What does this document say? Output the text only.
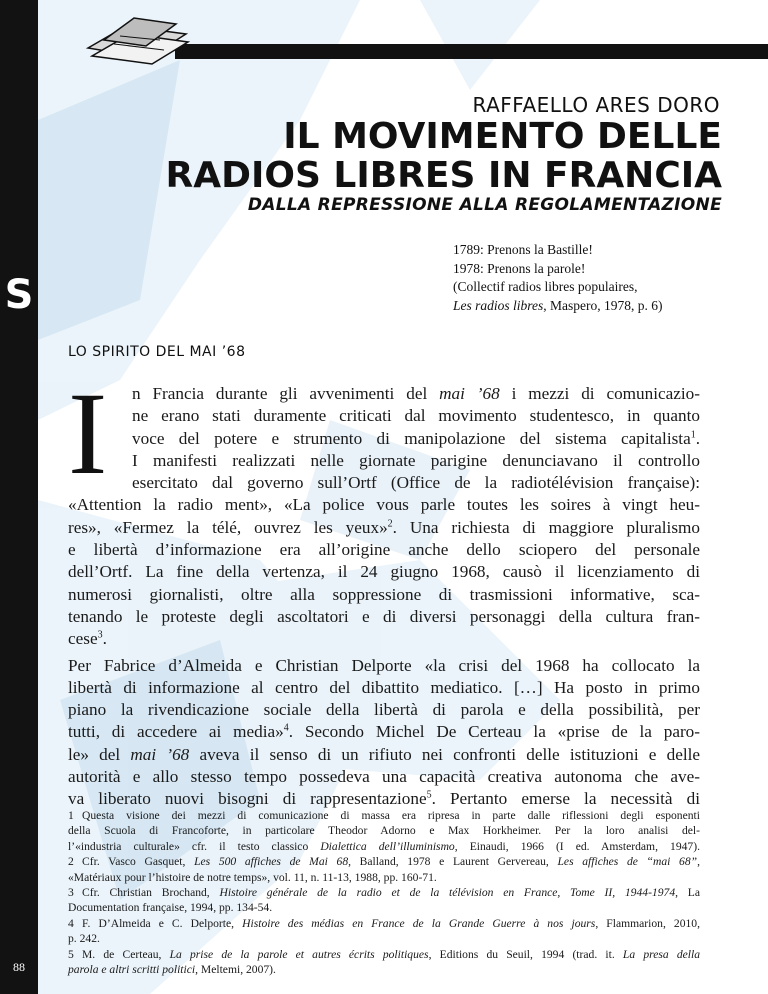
S
88
RAFFAELLO ARES DORO
IL MOVIMENTO DELLE
RADIOS LIBRES IN FRANCIA
DALLA REPRESSIONE ALLA REGOLAMENTAZIONE
1789: Prenons la Bastille!
1978: Prenons la parole!
(Collectif radios libres populaires,
Les radios libres, Maspero, 1978, p. 6)
LO SPIRITO DEL MAI ’68
I	n Francia durante gli avvenimenti del mai ’68 i mezzi di comunicazio-
ne erano stati duramente criticati dal movimento studentesco, in quanto
voce del potere e strumento di manipolazione del sistema capitalista$^1$.
I manifesti realizzati nelle giornate parigine denunciavano il controllo
esercitato dal governo sull’Ortf (Office de la radiotélévision française):
«Attention la radio ment», «La police vous parle toutes les soires à vingt heu-
res», «Fermez la télé, ouvrez les yeux»$^2$. Una richiesta di maggiore pluralismo
e libertà d’informazione era all’origine anche dello sciopero del personale
dell’Ortf. La fine della vertenza, il 24 giugno 1968, causò il licenziamento di
numerosi giornalisti, oltre alla soppressione di trasmissioni informative, sca-
tenando le proteste degli ascoltatori e di diversi personaggi della cultura fran-
cese$^3$.
Per Fabrice d’Almeida e Christian Delporte «la crisi del 1968 ha collocato la
libertà di informazione al centro del dibattito mediatico. […] Ha posto in primo
piano la rivendicazione sociale della libertà di parola e della possibilità, per
tutti, di accedere ai media»$^4$. Secondo Michel De Certeau la «prise de la paro-
le» del mai ’68 aveva il senso di un rifiuto nei confronti delle istituzioni e delle
autorità e allo stesso tempo possedeva una capacità creativa autonoma che ave-
va liberato nuovi bisogni di rappresentazione$^5$. Pertanto emerse la necessità di
1 Questa visione dei mezzi di comunicazione di massa era ripresa in parte dalle riflessioni degli esponenti
della Scuola di Francoforte, in particolare Theodor Adorno e Max Horkheimer. Per la loro analisi del-
l’«industria culturale» cfr. il testo classico Dialettica dell’illuminismo, Einaudi, 1966 (I ed. Amsterdam, 1947).
2 Cfr. Vasco Gasquet, Les 500 affiches de Mai 68, Balland, 1978 e Laurent Gervereau, Les affiches de “mai 68”,
«Matériaux pour l’histoire de notre temps», vol. 11, n. 11-13, 1988, pp. 160-71.
3 Cfr. Christian Brochand, Histoire générale de la radio et de la télévision en France, Tome II, 1944-1974, La
Documentation française, 1994, pp. 134-54.
4 F. D’Almeida e C. Delporte, Histoire des médias en France de la Grande Guerre à nos jours, Flammarion, 2010,
p. 242.
5 M. de Certeau, La prise de la parole et autres écrits politiques, Editions du Seuil, 1994 (trad. it. La presa della
parola e altri scritti politici, Meltemi, 2007).
